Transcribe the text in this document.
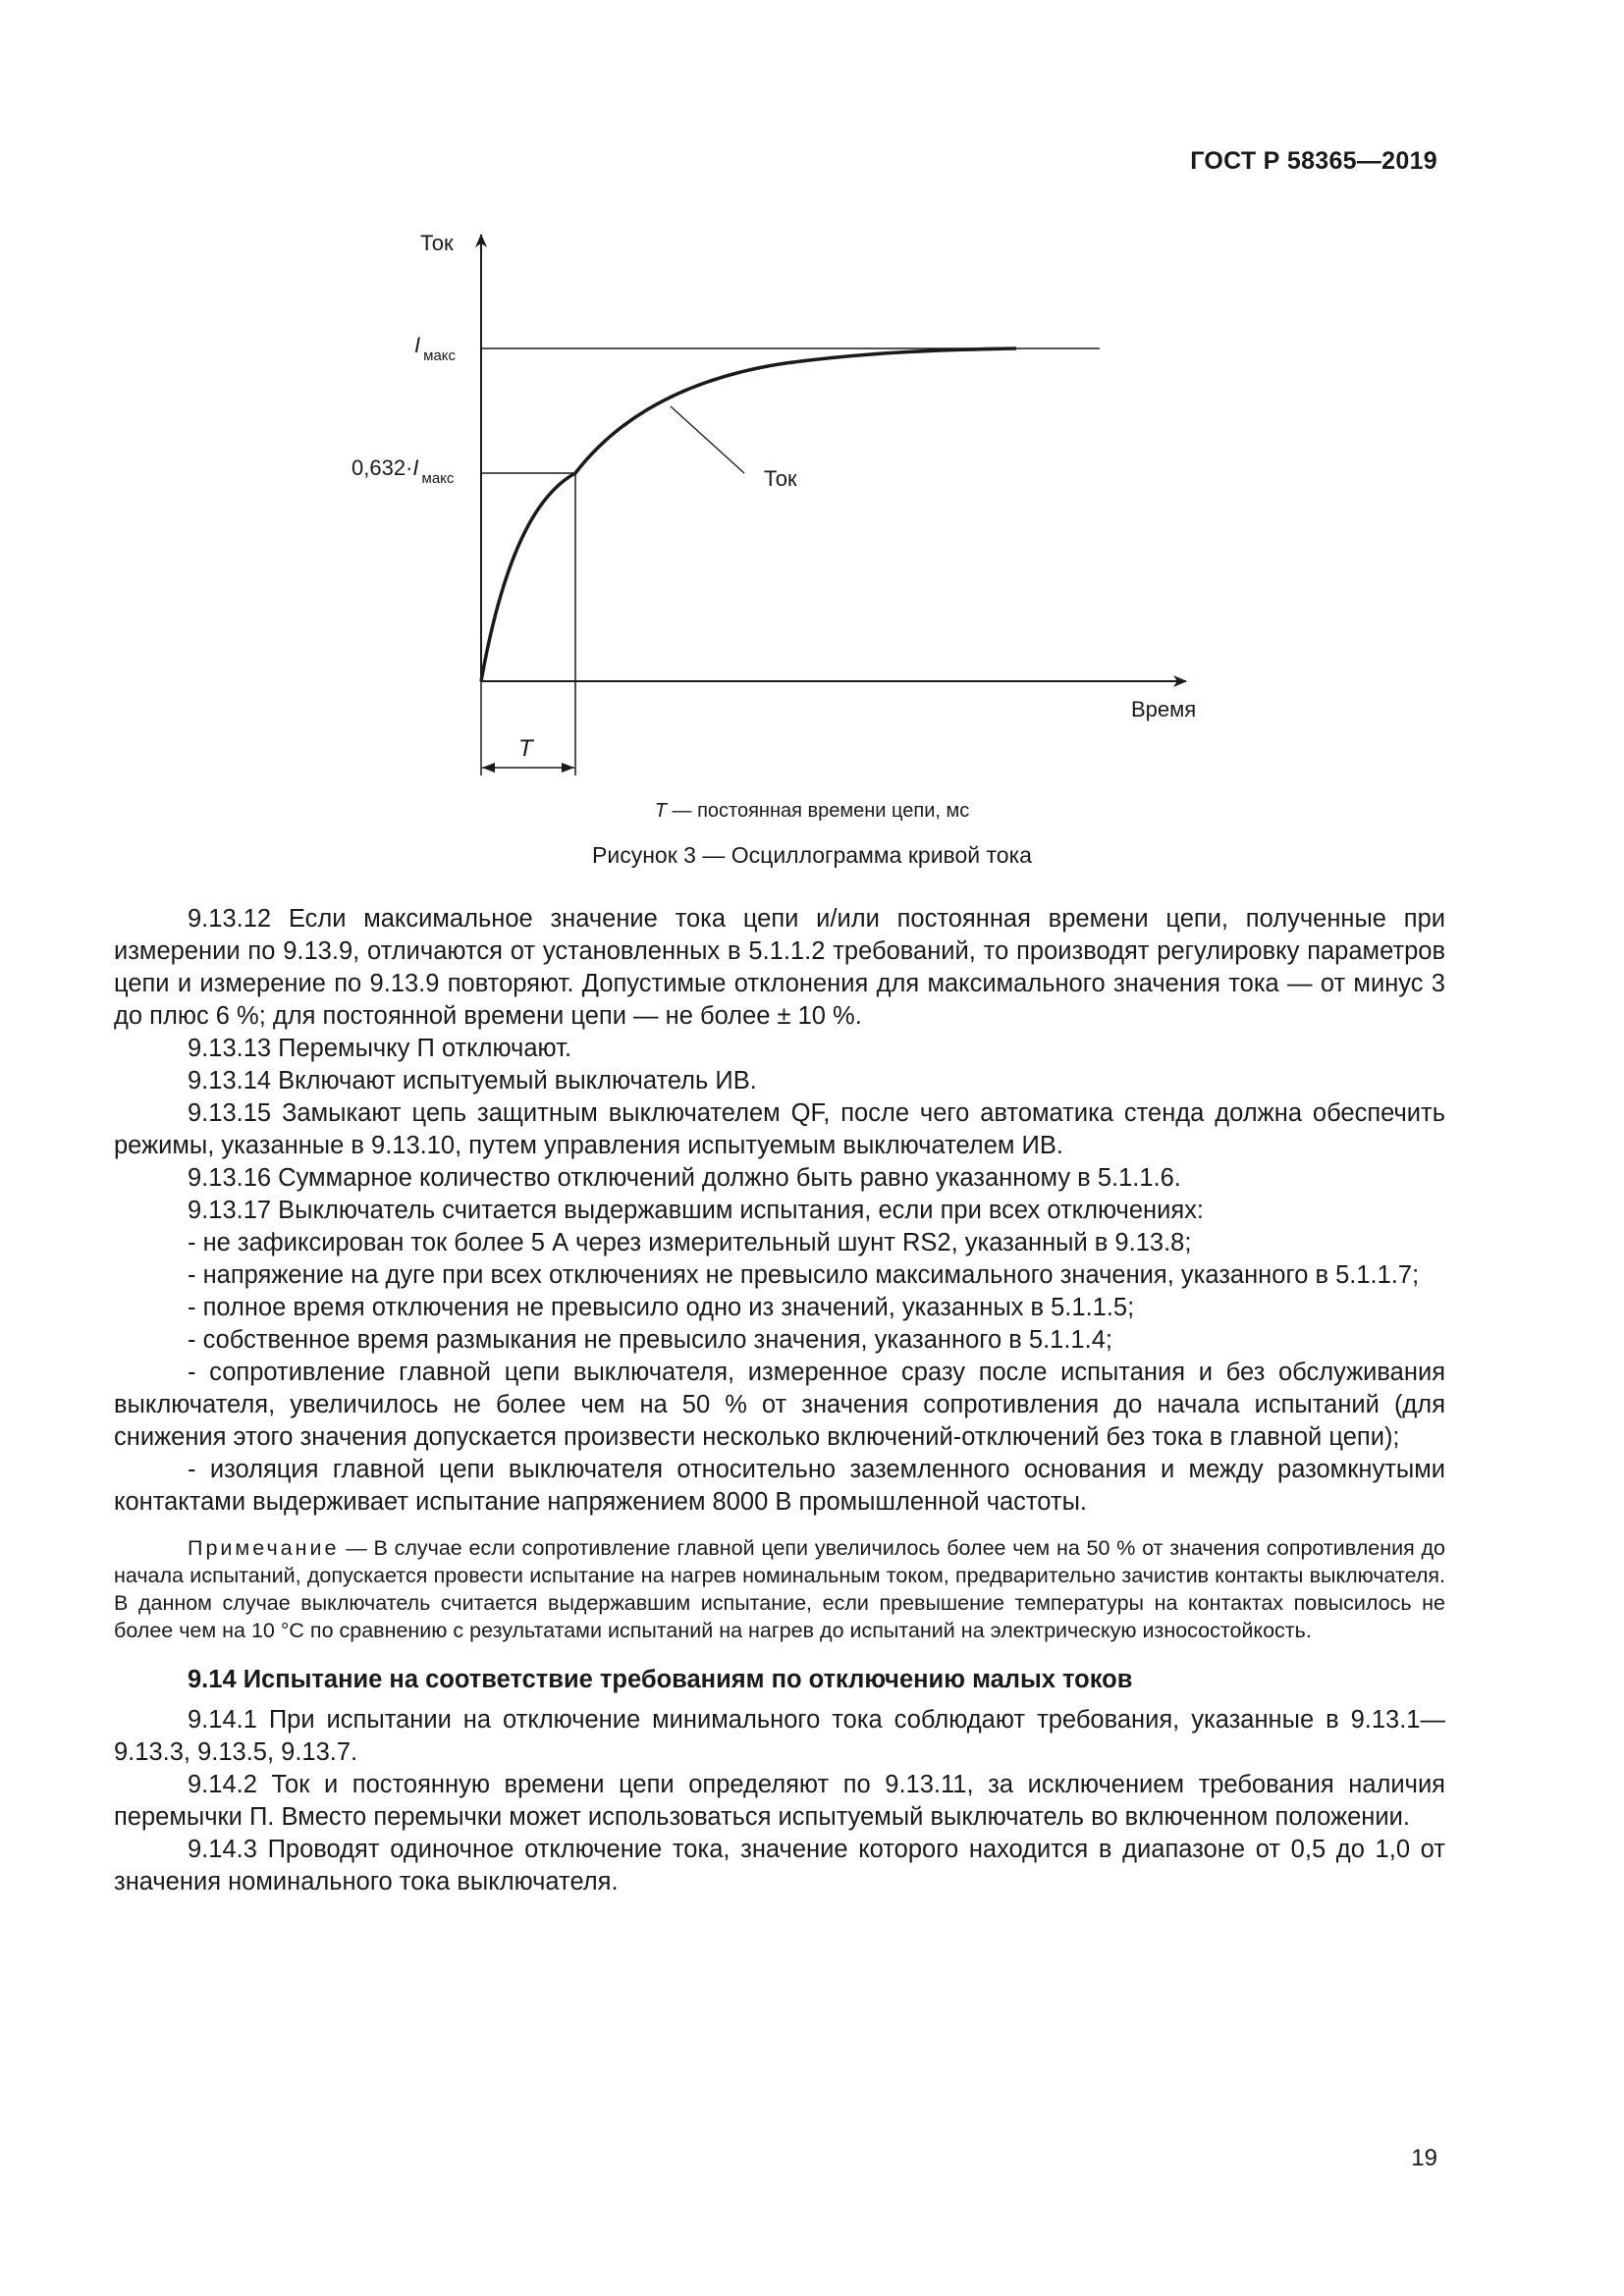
ГОСТ Р 58365—2019
Ток
I $_{макс}$
0,632·I $_{макс}$	Ток
Время
T
T — постоянная времени цепи, мс
Рисунок 3 — Осциллограмма кривой тока

9.13.12 Если максимальное значение тока цепи и/или постоянная времени цепи, полученные при измерении по 9.13.9, отличаются от установленных в 5.1.1.2 требований, то производят регулировку параметров цепи и измерение по 9.13.9 повторяют. Допустимые отклонения для максимального значения тока — от минус 3 до плюс 6 %; для постоянной времени цепи — не более ± 10 %.

9.13.13 Перемычку П отключают.

9.13.14 Включают испытуемый выключатель ИВ.

9.13.15 Замыкают цепь защитным выключателем QF, после чего автоматика стенда должна обеспечить режимы, указанные в 9.13.10, путем управления испытуемым выключателем ИВ.

9.13.16 Суммарное количество отключений должно быть равно указанному в 5.1.1.6.

9.13.17 Выключатель считается выдержавшим испытания, если при всех отключениях:

- не зафиксирован ток более 5 А через измерительный шунт RS2, указанный в 9.13.8;

- напряжение на дуге при всех отключениях не превысило максимального значения, указанного в 5.1.1.7;

- полное время отключения не превысило одно из значений, указанных в 5.1.1.5;

- собственное время размыкания не превысило значения, указанного в 5.1.1.4;

- сопротивление главной цепи выключателя, измеренное сразу после испытания и без обслуживания выключателя, увеличилось не более чем на 50 % от значения сопротивления до начала испытаний (для снижения этого значения допускается произвести несколько включений-отключений без тока в главной цепи);

- изоляция главной цепи выключателя относительно заземленного основания и между разомкнутыми контактами выдерживает испытание напряжением 8000 В промышленной частоты.

Примечание — В случае если сопротивление главной цепи увеличилось более чем на 50 % от значения сопротивления до начала испытаний, допускается провести испытание на нагрев номинальным током, предварительно зачистив контакты выключателя. В данном случае выключатель считается выдержавшим испытание, если превышение температуры на контактах повысилось не более чем на 10 °С по сравнению с результатами испытаний на нагрев до испытаний на электрическую износостойкость.

9.14 Испытание на соответствие требованиям по отключению малых токов

9.14.1 При испытании на отключение минимального тока соблюдают требования, указанные в 9.13.1—9.13.3, 9.13.5, 9.13.7.

9.14.2 Ток и постоянную времени цепи определяют по 9.13.11, за исключением требования наличия перемычки П. Вместо перемычки может использоваться испытуемый выключатель во включенном положении.

9.14.3 Проводят одиночное отключение тока, значение которого находится в диапазоне от 0,5 до 1,0 от значения номинального тока выключателя.

19
